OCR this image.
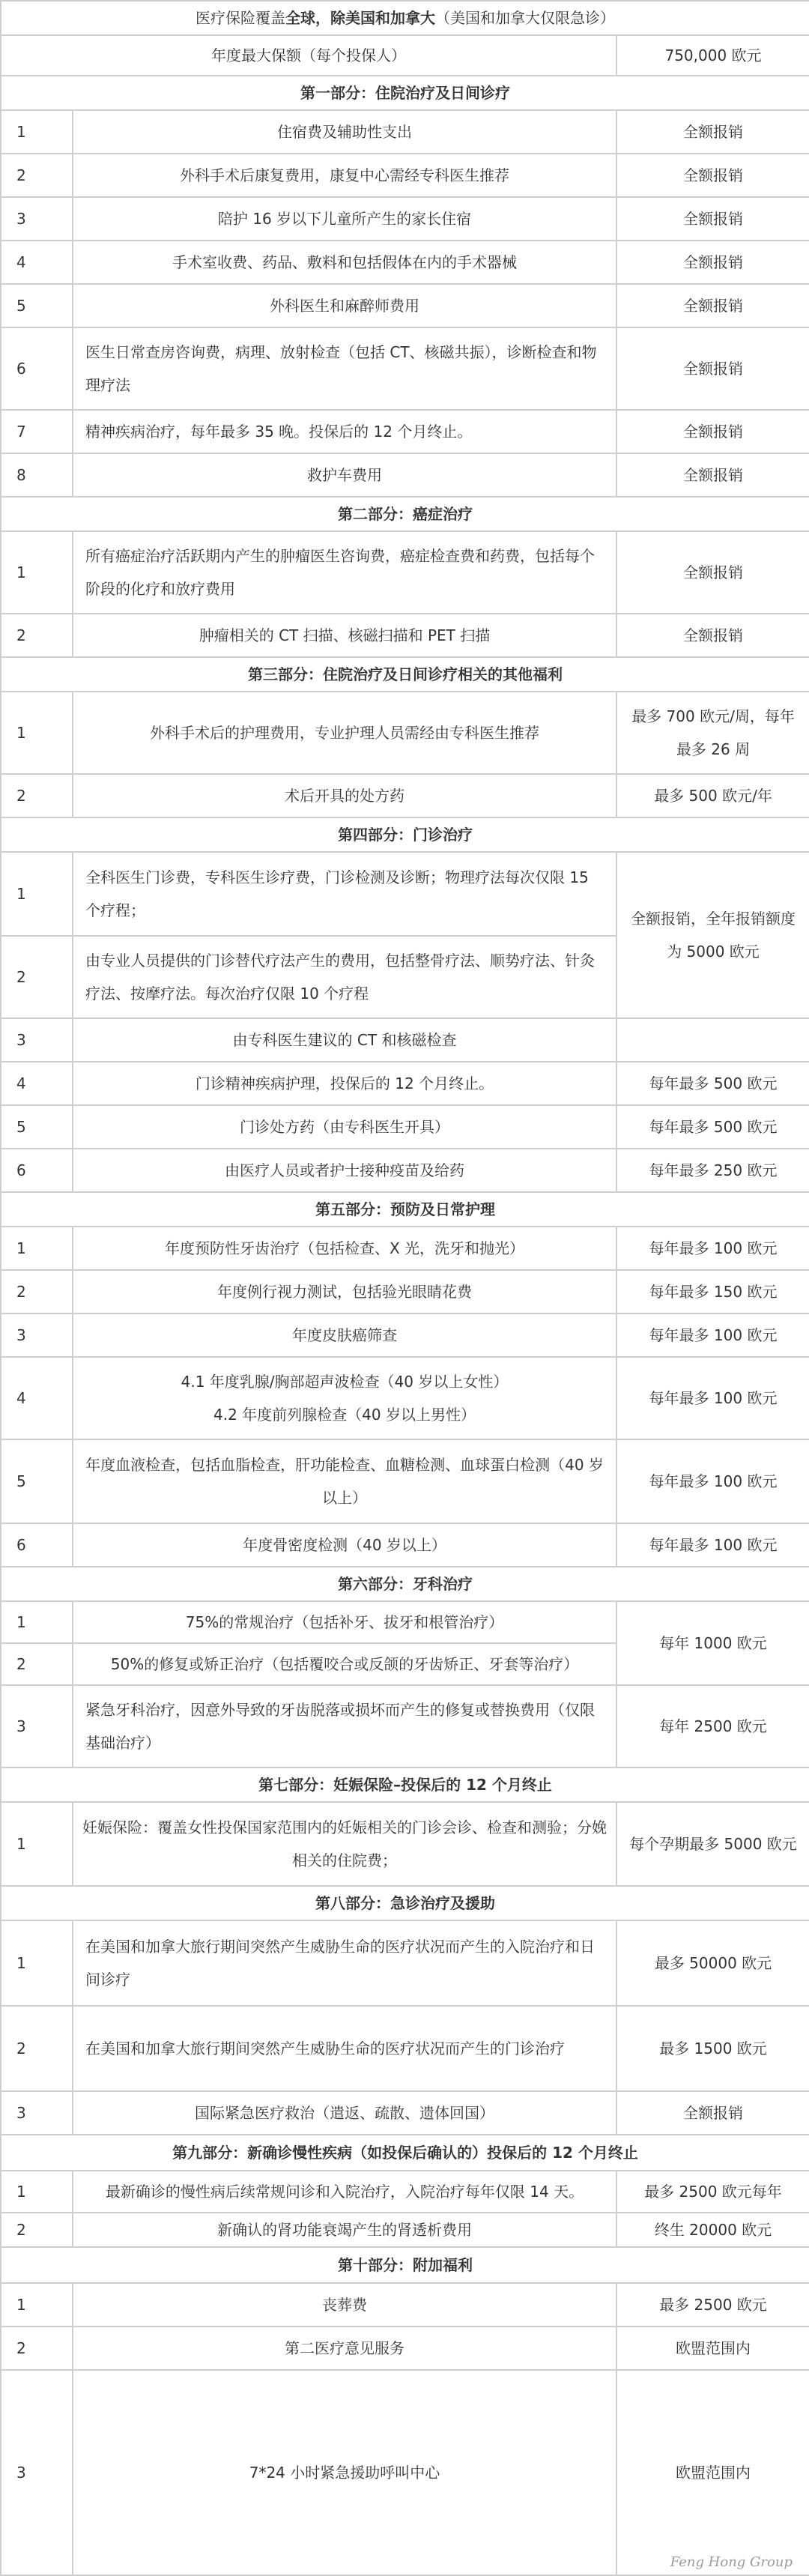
医疗保险覆盖全球，除美国和加拿大（美国和加拿大仅限急诊）		
年度最大保额（每个投保人）		750,000 欧元
第一部分：住院治疗及日间诊疗		
1	住宿费及辅助性支出	全额报销
2	外科手术后康复费用，康复中心需经专科医生推荐	全额报销
3	陪护 16 岁以下儿童所产生的家长住宿	全额报销
4	手术室收费、药品、敷料和包括假体在内的手术器械	全额报销
5	外科医生和麻醉师费用	全额报销
6	医生日常查房咨询费，病理、放射检查（包括 CT、核磁共振），诊断检查和物理疗法	全额报销
7	精神疾病治疗，每年最多 35 晚。投保后的 12 个月终止。	全额报销
8	救护车费用	全额报销
第二部分：癌症治疗		
1	所有癌症治疗活跃期内产生的肿瘤医生咨询费，癌症检查费和药费，包括每个阶段的化疗和放疗费用	全额报销
2	肿瘤相关的 CT 扫描、核磁扫描和 PET 扫描	全额报销
第三部分：住院治疗及日间诊疗相关的其他福利		
1	外科手术后的护理费用，专业护理人员需经由专科医生推荐	最多 700 欧元/周，每年最多 26 周
2	术后开具的处方药	最多 500 欧元/年
第四部分：门诊治疗		
1	全科医生门诊费，专科医生诊疗费，门诊检测及诊断；物理疗法每次仅限 15 个疗程；	全额报销，全年报销额度为 5000 欧元
2	由专业人员提供的门诊替代疗法产生的费用，包括整骨疗法、顺势疗法、针灸疗法、按摩疗法。每次治疗仅限 10 个疗程	
3	由专科医生建议的 CT 和核磁检查	
4	门诊精神疾病护理，投保后的 12 个月终止。	每年最多 500 欧元
5	门诊处方药（由专科医生开具）	每年最多 500 欧元
6	由医疗人员或者护士接种疫苗及给药	每年最多 250 欧元
第五部分：预防及日常护理		
1	年度预防性牙齿治疗（包括检查、X 光，洗牙和抛光）	每年最多 100 欧元
2	年度例行视力测试，包括验光眼睛花费	每年最多 150 欧元
3	年度皮肤癌筛查	每年最多 100 欧元
4	4.1 年度乳腺/胸部超声波检查（40 岁以上女性）
4.2 年度前列腺检查（40 岁以上男性）	每年最多 100 欧元
5	年度血液检查，包括血脂检查，肝功能检查、血糖检测、血球蛋白检测（40 岁以上）	每年最多 100 欧元
6	年度骨密度检测（40 岁以上）	每年最多 100 欧元
第六部分：牙科治疗		
1	75%的常规治疗（包括补牙、拔牙和根管治疗）	每年 1000 欧元
2	50%的修复或矫正治疗（包括覆咬合或反颌的牙齿矫正、牙套等治疗）	
3	紧急牙科治疗，因意外导致的牙齿脱落或损坏而产生的修复或替换费用（仅限基础治疗）	每年 2500 欧元
第七部分：妊娠保险–投保后的 12 个月终止		
1	妊娠保险：覆盖女性投保国家范围内的妊娠相关的门诊会诊、检查和测验；分娩相关的住院费；	每个孕期最多 5000 欧元
第八部分：急诊治疗及援助		
1	在美国和加拿大旅行期间突然产生威胁生命的医疗状况而产生的入院治疗和日间诊疗	最多 50000 欧元
2	在美国和加拿大旅行期间突然产生威胁生命的医疗状况而产生的门诊治疗	最多 1500 欧元
3	国际紧急医疗救治（遣返、疏散、遗体回国）	全额报销
第九部分：新确诊慢性疾病（如投保后确认的）投保后的 12 个月终止		
1	最新确诊的慢性病后续常规问诊和入院治疗，入院治疗每年仅限 14 天。	最多 2500 欧元每年
2	新确认的肾功能衰竭产生的肾透析费用	终生 20000 欧元
第十部分：附加福利		
1	丧葬费	最多 2500 欧元
2	第二医疗意见服务	欧盟范围内
3	7*24 小时紧急援助呼叫中心	欧盟范围内
Feng Hong Group
